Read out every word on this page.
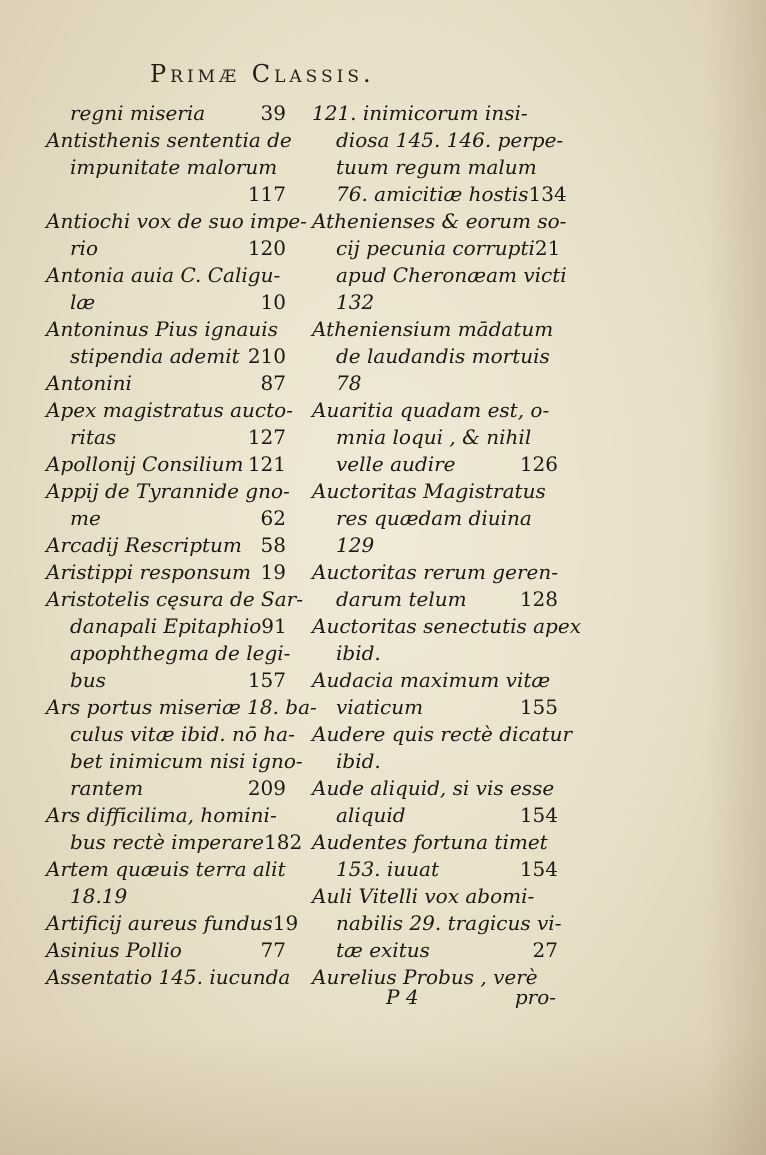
Primæ Classis.
regni miseria	39
Antisthenis sententia de
impunitate malorum
117
Antiochi vox de suo impe-
rio	120
Antonia auia C. Caligu-
læ	10
Antoninus Pius ignauis
stipendia ademit 210
Antonini	87
Apex magistratus aucto-
ritas	127
Apollonij Consilium 121
Appij de Tyrannide gno-
me	62
Arcadij Rescriptum 58
Aristippi responsum 19
Aristotelis cęsura de Sar-
danapali Epitaphio 91
apophthegma de legi-
bus	157
Ars portus miseriæ 18. ba-
culus vitæ ibid. nō ha-
bet inimicum nisi igno-
rantem	209
Ars difficilima, homini-
bus rectè imperare 182
Artem quæuis terra alit
18.19
Artificij aureus fundus 19
Asinius Pollio	77
Assentatio 145. iucunda
121. inimicorum insi-
diosa 145. 146. perpe-
tuum regum malum
76. amicitiæ hostis 134
Athenienses & eorum so-
cij pecunia corrupti 21
apud Cheronæam victi
132
Atheniensium mādatum
de laudandis mortuis
78
Auaritia quadam est, o-
mnia loqui , & nihil
velle audire	126
Auctoritas Magistratus
res quædam diuina
129
Auctoritas rerum geren-
darum telum	128
Auctoritas senectutis apex
ibid.
Audacia maximum vitæ
viaticum	155
Audere quis rectè dicatur
ibid.
Aude aliquid, si vis esse
aliquid	154
Audentes fortuna timet
153. iuuat	154
Auli Vitelli vox abomi-
nabilis 29. tragicus vi-
tæ exitus	27
Aurelius Probus , verè
P 4	pro-
